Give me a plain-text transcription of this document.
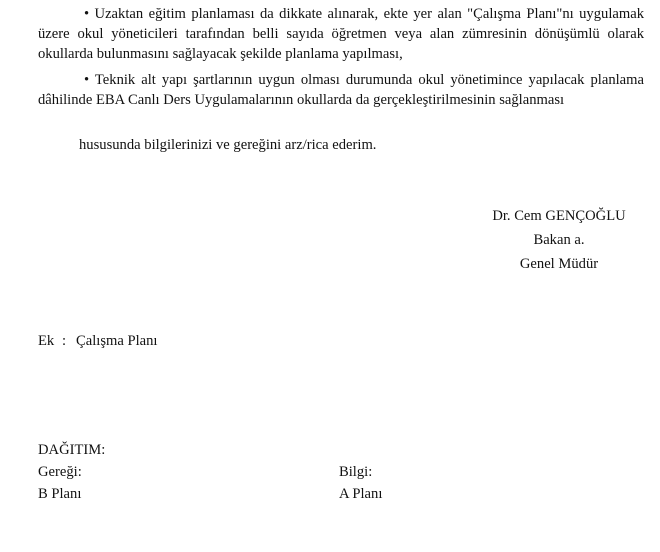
• Uzaktan eğitim planlaması da dikkate alınarak, ekte yer alan "Çalışma Planı"nı uygulamak üzere okul yöneticileri tarafından belli sayıda öğretmen veya alan zümresinin dönüşümlü olarak okullarda bulunmasını sağlayacak şekilde planlama yapılması,

• Teknik alt yapı şartlarının uygun olması durumunda okul yönetimince yapılacak planlama dâhilinde EBA Canlı Ders Uygulamalarının okullarda da gerçekleştirilmesinin sağlanması

hususunda bilgilerinizi ve gereğini arz/rica ederim.

Dr. Cem GENÇOĞLU
Bakan a.
Genel Müdür
Ek : Çalışma Planı
DAĞITIM:
Gereği:	Bilgi:
B Planı	A Planı
